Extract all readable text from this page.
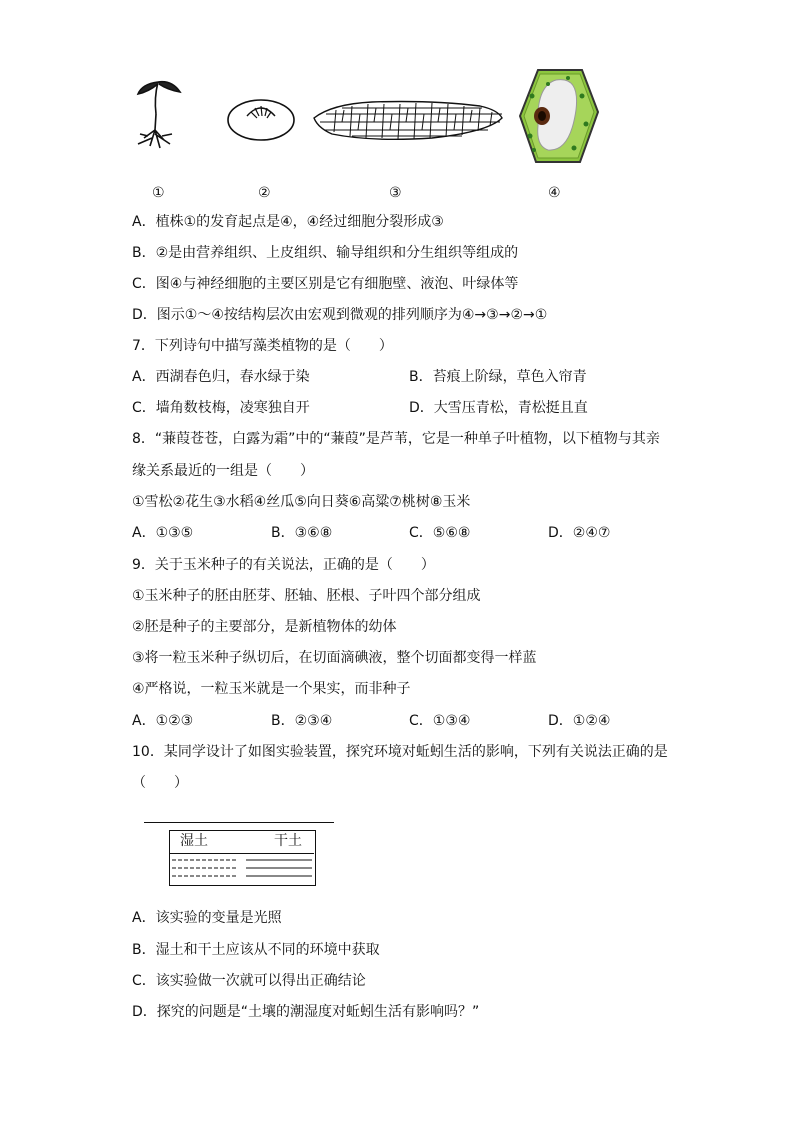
①	②	③	④
A．植株①的发育起点是④，④经过细胞分裂形成③
B．②是由营养组织、上皮组织、输导组织和分生组织等组成的
C．图④与神经细胞的主要区别是它有细胞壁、液泡、叶绿体等
D．图示①～④按结构层次由宏观到微观的排列顺序为④→③→②→①
7．下列诗句中描写藻类植物的是（　　）
A．西湖春色归，春水绿于染	B．苔痕上阶绿，草色入帘青
C．墙角数枝梅，凌寒独自开	D．大雪压青松，青松挺且直
8．“蒹葭苍苍，白露为霜”中的“蒹葭”是芦苇，它是一种单子叶植物，以下植物与其亲
缘关系最近的一组是（　　）
①雪松②花生③水稻④丝瓜⑤向日葵⑥高粱⑦桃树⑧玉米
A．①③⑤	B．③⑥⑧	C．⑤⑥⑧	D．②④⑦
9．关于玉米种子的有关说法，正确的是（　　）
①玉米种子的胚由胚芽、胚轴、胚根、子叶四个部分组成
②胚是种子的主要部分，是新植物体的幼体
③将一粒玉米种子纵切后，在切面滴碘液，整个切面都变得一样蓝
④严格说，一粒玉米就是一个果实，而非种子
A．①②③	B．②③④	C．①③④	D．①②④
10．某同学设计了如图实验装置，探究环境对蚯蚓生活的影响，下列有关说法正确的是
（　　）
湿土	干土
A．该实验的变量是光照
B．湿土和干土应该从不同的环境中获取
C．该实验做一次就可以得出正确结论
D．探究的问题是“土壤的潮湿度对蚯蚓生活有影响吗？”
